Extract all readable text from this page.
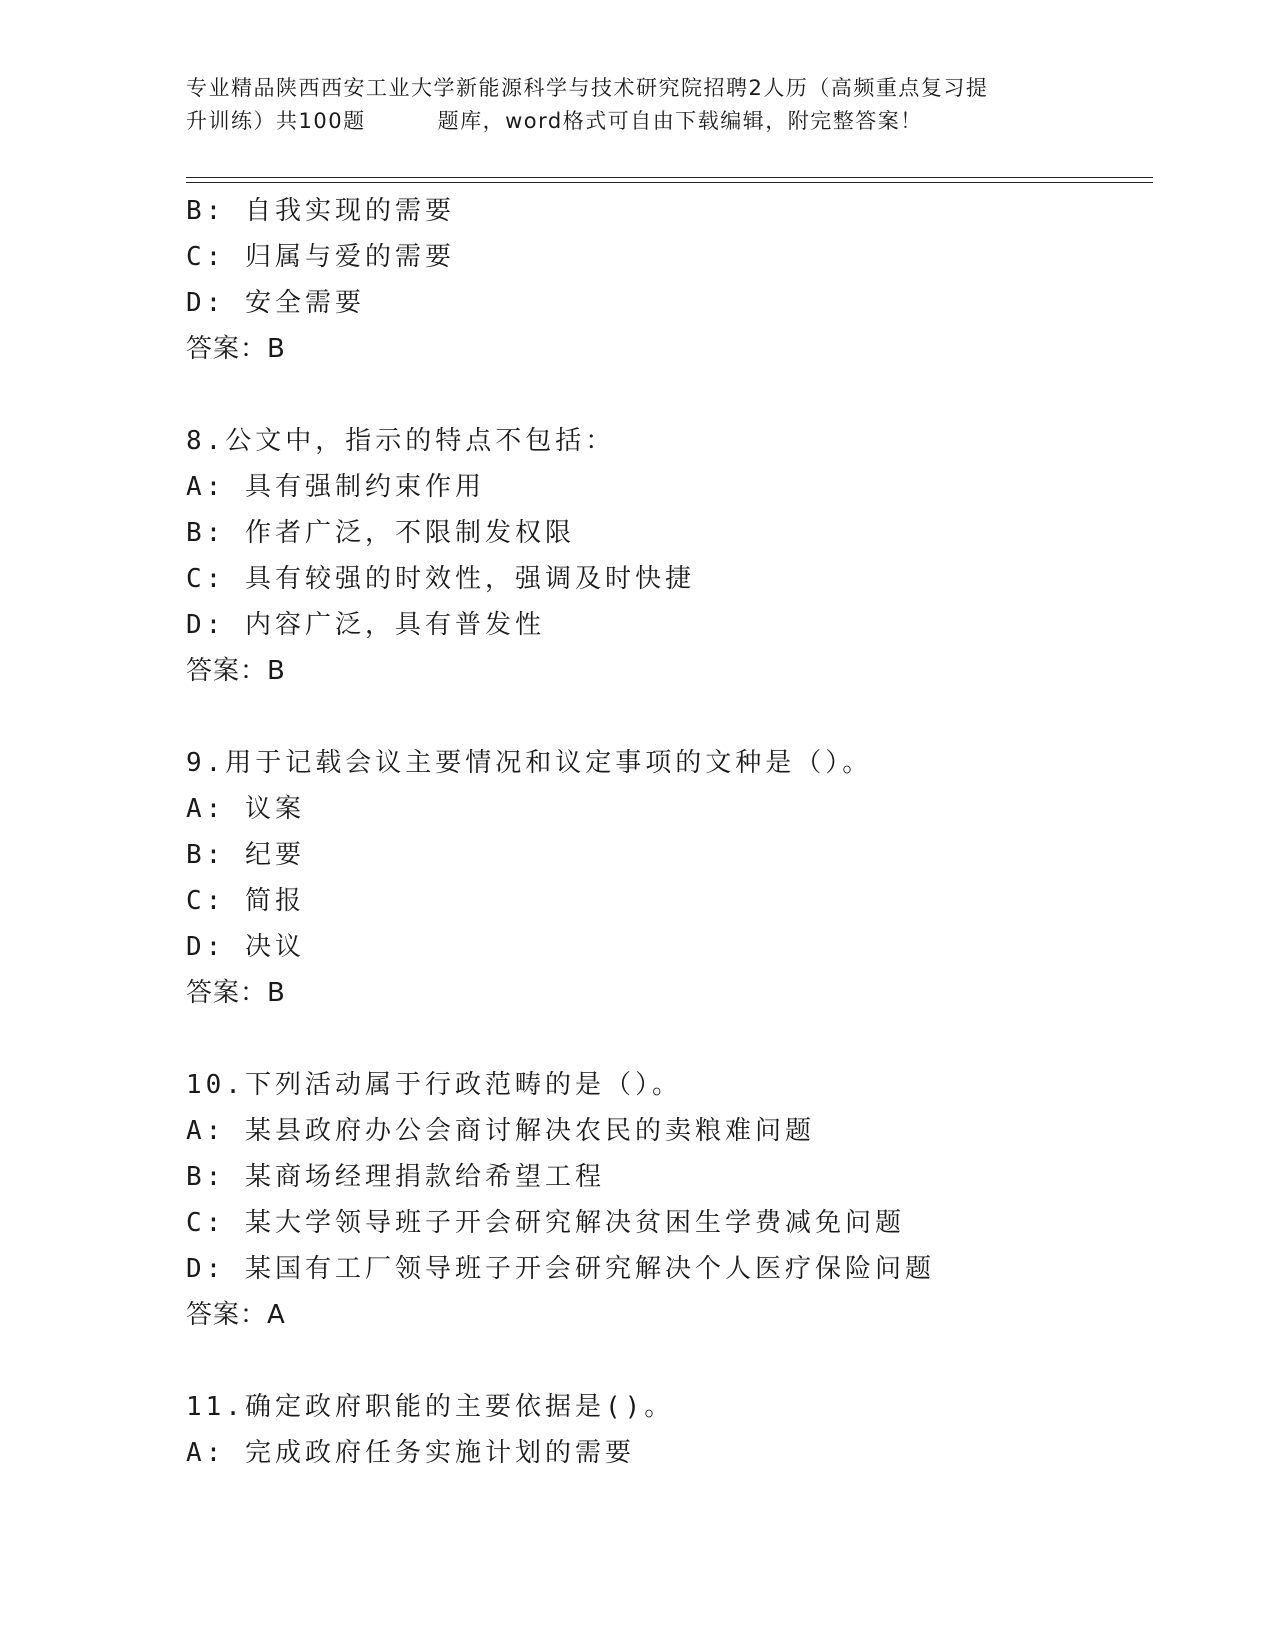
专业精品陕西西安工业大学新能源科学与技术研究院招聘2人历（高频重点复习提
升训练）共100题	题库，word格式可自由下载编辑，附完整答案！
B: 自我实现的需要
C: 归属与爱的需要
D: 安全需要
答案：B
8.公文中，指示的特点不包括：
A: 具有强制约束作用
B: 作者广泛，不限制发权限
C: 具有较强的时效性，强调及时快捷
D: 内容广泛，具有普发性
答案：B
9.用于记载会议主要情况和议定事项的文种是（）。
A: 议案
B: 纪要
C: 简报
D: 决议
答案：B
10.下列活动属于行政范畴的是（）。
A: 某县政府办公会商讨解决农民的卖粮难问题
B: 某商场经理捐款给希望工程
C: 某大学领导班子开会研究解决贫困生学费减免问题
D: 某国有工厂领导班子开会研究解决个人医疗保险问题
答案：A
11.确定政府职能的主要依据是()。
A: 完成政府任务实施计划的需要
